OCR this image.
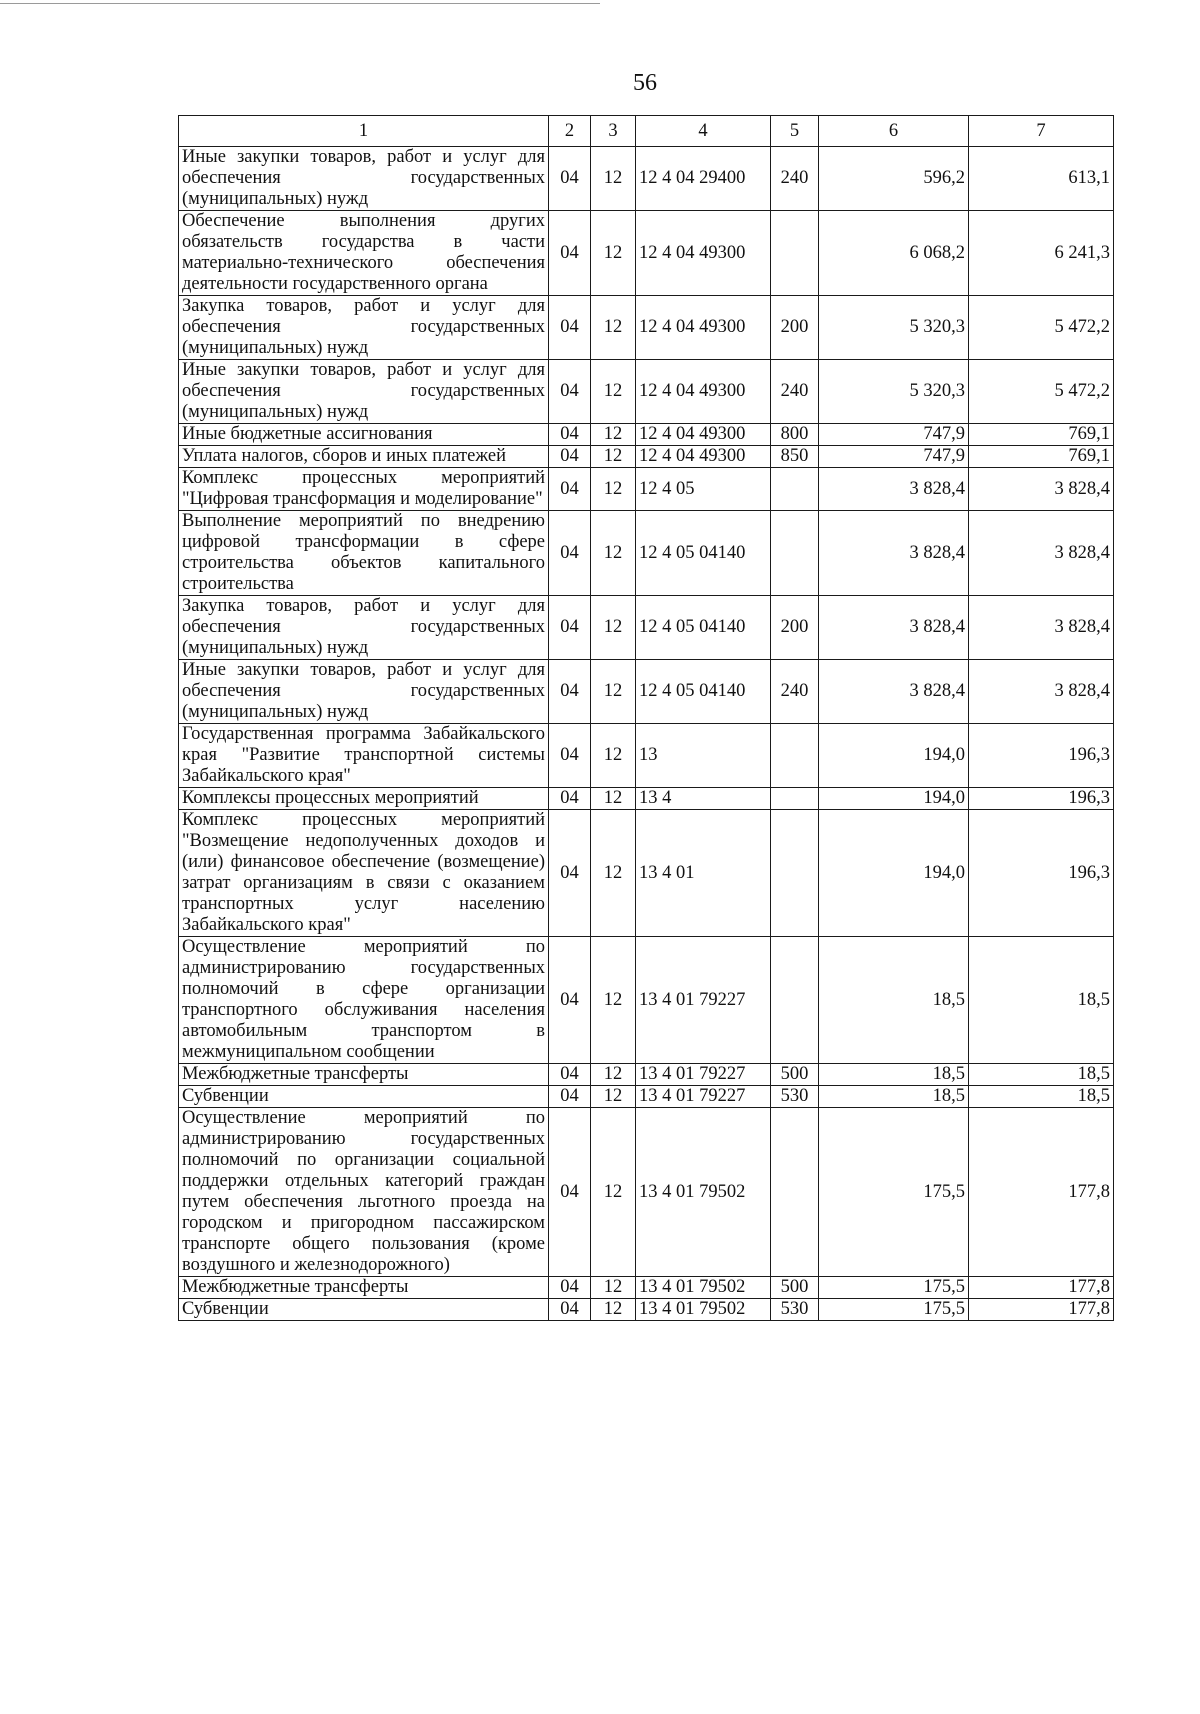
56
1	2	3	4	5	6	7
Иные закупки товаров, работ и услуг для обеспечения государственных (муниципальных) нужд	04	12	12 4 04 29400	240	596,2	613,1
Обеспечение выполнения других обязательств государства в части материально-технического обеспечения деятельности государственного органа	04	12	12 4 04 49300		6 068,2	6 241,3
Закупка товаров, работ и услуг для обеспечения государственных (муниципальных) нужд	04	12	12 4 04 49300	200	5 320,3	5 472,2
Иные закупки товаров, работ и услуг для обеспечения государственных (муниципальных) нужд	04	12	12 4 04 49300	240	5 320,3	5 472,2
Иные бюджетные ассигнования	04	12	12 4 04 49300	800	747,9	769,1
Уплата налогов, сборов и иных платежей	04	12	12 4 04 49300	850	747,9	769,1
Комплекс процессных мероприятий "Цифровая трансформация и моделирование"	04	12	12 4 05		3 828,4	3 828,4
Выполнение мероприятий по внедрению цифровой трансформации в сфере строительства объектов капитального строительства	04	12	12 4 05 04140		3 828,4	3 828,4
Закупка товаров, работ и услуг для обеспечения государственных (муниципальных) нужд	04	12	12 4 05 04140	200	3 828,4	3 828,4
Иные закупки товаров, работ и услуг для обеспечения государственных (муниципальных) нужд	04	12	12 4 05 04140	240	3 828,4	3 828,4
Государственная программа Забайкальского края "Развитие транспортной системы Забайкальского края"	04	12	13		194,0	196,3
Комплексы процессных мероприятий	04	12	13 4		194,0	196,3
Комплекс процессных мероприятий "Возмещение недополученных доходов и (или) финансовое обеспечение (возмещение) затрат организациям в связи с оказанием транспортных услуг населению Забайкальского края"	04	12	13 4 01		194,0	196,3
Осуществление мероприятий по администрированию государственных полномочий в сфере организации транспортного обслуживания населения автомобильным транспортом в межмуниципальном сообщении	04	12	13 4 01 79227		18,5	18,5
Межбюджетные трансферты	04	12	13 4 01 79227	500	18,5	18,5
Субвенции	04	12	13 4 01 79227	530	18,5	18,5
Осуществление мероприятий по администрированию государственных полномочий по организации социальной поддержки отдельных категорий граждан путем обеспечения льготного проезда на городском и пригородном пассажирском транспорте общего пользования (кроме воздушного и железнодорожного)	04	12	13 4 01 79502		175,5	177,8
Межбюджетные трансферты	04	12	13 4 01 79502	500	175,5	177,8
Субвенции	04	12	13 4 01 79502	530	175,5	177,8
